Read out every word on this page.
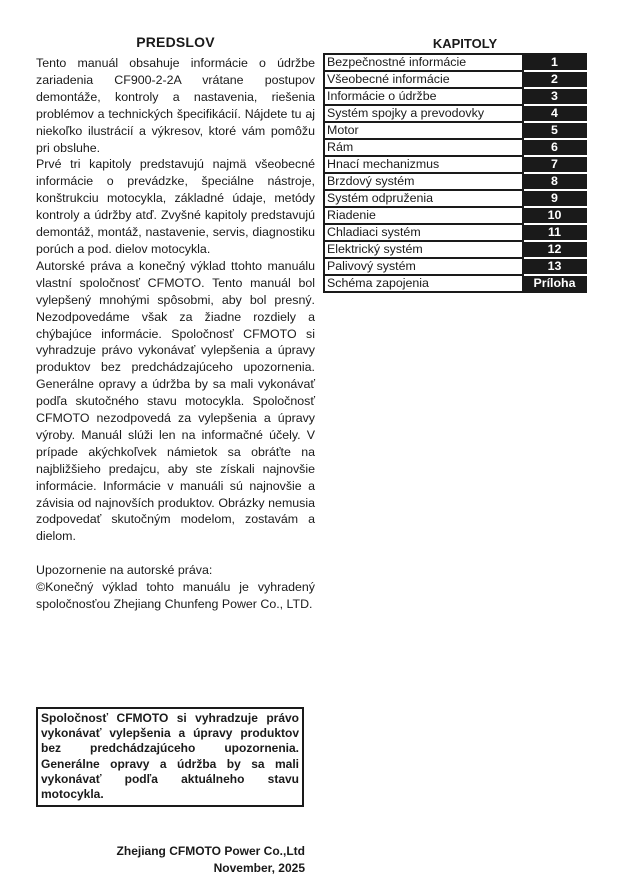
PREDSLOV

Tento manuál obsahuje informácie o údržbe zariadenia CF900-2-2A vrátane postupov demontáže, kontroly a nastavenia, riešenia problémov a technických špecifikácií. Nájdete tu aj niekoľko ilustrácií a výkresov, ktoré vám pomôžu pri obsluhe.

Prvé tri kapitoly predstavujú najmä všeobecné informácie o prevádzke, špeciálne nástroje, konštrukciu motocykla, základné údaje, metódy kontroly a údržby atď. Zvyšné kapitoly predstavujú demontáž, montáž, nastavenie, servis, diagnostiku porúch a pod. dielov motocykla.

Autorské práva a konečný výklad ttohto manuálu vlastní spoločnosť CFMOTO. Tento manuál bol vylepšený mnohými spôsobmi, aby bol presný. Nezodpovedáme však za žiadne rozdiely a chýbajúce informácie. Spoločnosť CFMOTO si vyhradzuje právo vykonávať vylepšenia a úpravy produktov bez predchádzajúceho upozornenia. Generálne opravy a údržba by sa mali vykonávať podľa skutočného stavu motocykla. Spoločnosť CFMOTO nezodpovedá za vylepšenia a úpravy výroby. Manuál slúži len na informačné účely. V prípade akýchkoľvek námietok sa obráťte na najbližšieho predajcu, aby ste získali najnovšie informácie. Informácie v manuáli sú najnovšie a závisia od najnovších produktov. Obrázky nemusia zodpovedať skutočným modelom, zostavám a dielom.

Upozornenie na autorské práva:

©Konečný výklad tohto manuálu je vyhradený spoločnosťou Zhejiang Chunfeng Power Co., LTD.

Spoločnosť CFMOTO si vyhradzuje právo vykonávať vylepšenia a úpravy produktov bez predchádzajúceho upozornenia. Generálne opravy a údržba by sa mali vykonávať podľa aktuálneho stavu motocykla.
Zhejiang CFMOTO Power Co.,Ltd
November, 2025
KAPITOLY
Bezpečnostné informácie	1
Všeobecné informácie	2
Informácie o údržbe	3
Systém spojky a prevodovky	4
Motor	5
Rám	6
Hnací mechanizmus	7
Brzdový systém	8
Systém odpruženia	9
Riadenie	10
Chladiaci systém	11
Elektrický systém	12
Palivový systém	13
Schéma zapojenia	Príloha
